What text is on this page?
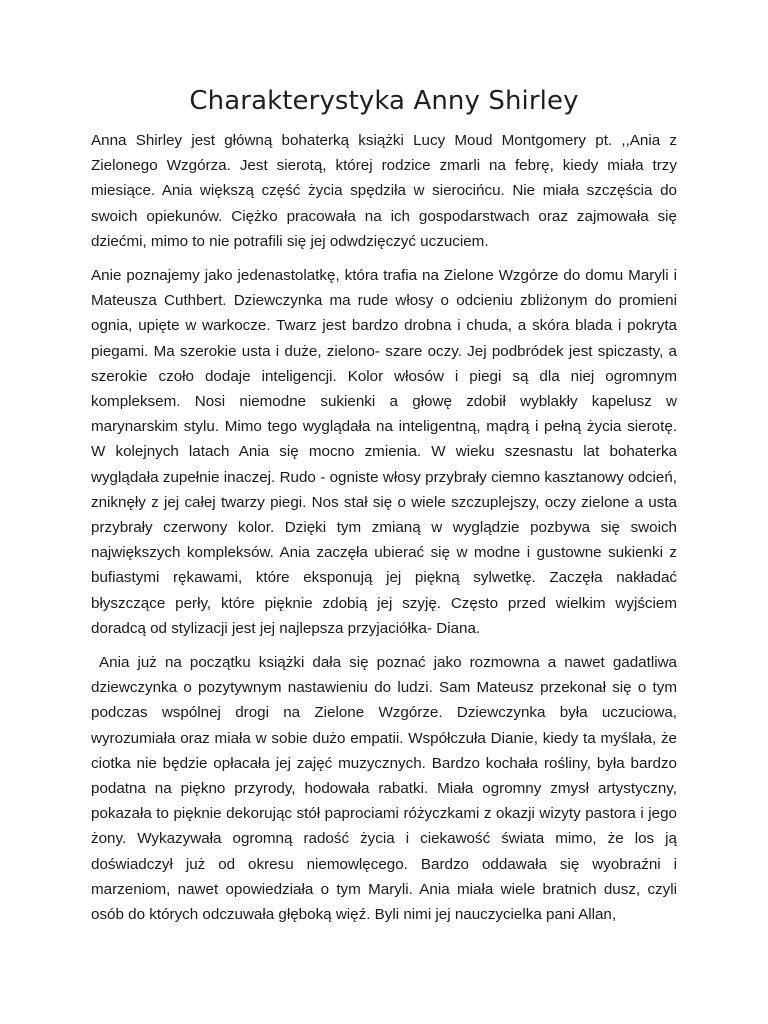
Charakterystyka Anny Shirley

Anna Shirley jest główną bohaterką książki Lucy Moud Montgomery pt. ,,Ania z Zielonego Wzgórza. Jest sierotą, której rodzice zmarli na febrę, kiedy miała trzy miesiące. Ania większą część życia spędziła w sierocińcu. Nie miała szczęścia do swoich opiekunów. Ciężko pracowała na ich gospodarstwach oraz zajmowała się dziećmi, mimo to nie potrafili się jej odwdzięczyć uczuciem.

Anie poznajemy jako jedenastolatkę, która trafia na Zielone Wzgórze do domu Maryli i Mateusza Cuthbert. Dziewczynka ma rude włosy o odcieniu zbliżonym do promieni ognia, upięte w warkocze. Twarz jest bardzo drobna i chuda, a skóra blada i pokryta piegami. Ma szerokie usta i duże, zielono- szare oczy. Jej podbródek jest spiczasty, a szerokie czoło dodaje inteligencji. Kolor włosów i piegi są dla niej ogromnym kompleksem. Nosi niemodne sukienki a głowę zdobił wyblakły kapelusz w marynarskim stylu. Mimo tego wyglądała na inteligentną, mądrą i pełną życia sierotę. W kolejnych latach Ania się mocno zmienia. W wieku szesnastu lat bohaterka wyglądała zupełnie inaczej. Rudo - ogniste włosy przybrały ciemno kasztanowy odcień, zniknęły z jej całej twarzy piegi. Nos stał się o wiele szczuplejszy, oczy zielone a usta przybrały czerwony kolor. Dzięki tym zmianą w wyglądzie pozbywa się swoich największych kompleksów. Ania zaczęła ubierać się w modne i gustowne sukienki z bufiastymi rękawami, które eksponują jej piękną sylwetkę. Zaczęła nakładać błyszczące perły, które pięknie zdobią jej szyję. Często przed wielkim wyjściem doradcą od stylizacji jest jej najlepsza przyjaciółka- Diana.

Ania już na początku książki dała się poznać jako rozmowna a nawet gadatliwa dziewczynka o pozytywnym nastawieniu do ludzi. Sam Mateusz przekonał się o tym podczas wspólnej drogi na Zielone Wzgórze. Dziewczynka była uczuciowa, wyrozumiała oraz miała w sobie dużo empatii. Współczuła Dianie, kiedy ta myślała, że ciotka nie będzie opłacała jej zajęć muzycznych. Bardzo kochała rośliny, była bardzo podatna na piękno przyrody, hodowała rabatki. Miała ogromny zmysł artystyczny, pokazała to pięknie dekorując stół paprociami różyczkami z okazji wizyty pastora i jego żony. Wykazywała ogromną radość życia i ciekawość świata mimo, że los ją doświadczył już od okresu niemowlęcego. Bardzo oddawała się wyobraźni i marzeniom, nawet opowiedziała o tym Maryli. Ania miała wiele bratnich dusz, czyli osób do których odczuwała głęboką więź. Byli nimi jej nauczycielka pani Allan,
